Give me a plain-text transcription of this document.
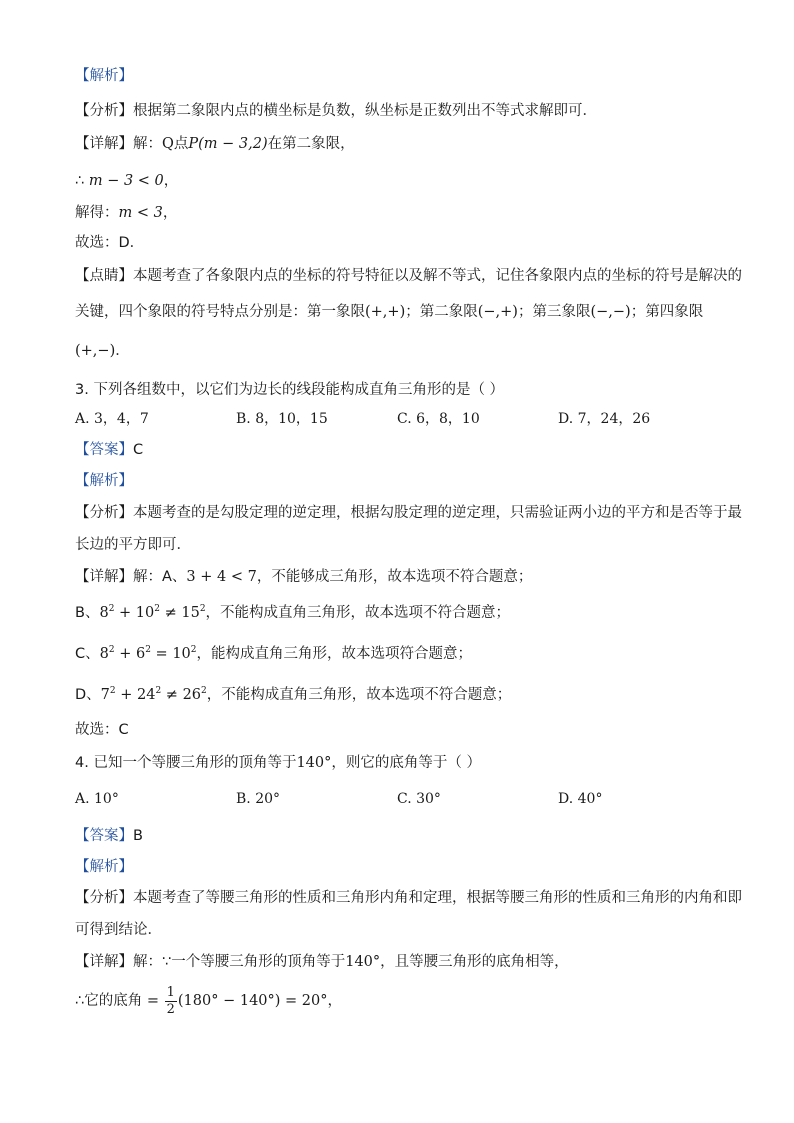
【解析】
【分析】根据第二象限内点的横坐标是负数，纵坐标是正数列出不等式求解即可．
【详解】解：Q点P(m − 3,2)在第二象限，
∴ m − 3 < 0，
解得：m < 3，
故选：D．
【点睛】本题考查了各象限内点的坐标的符号特征以及解不等式，记住各象限内点的坐标的符号是解决的
关键，四个象限的符号特点分别是：第一象限(+,+)；第二象限(−,+)；第三象限(−,−)；第四象限
(+,−)．
3. 下列各组数中，以它们为边长的线段能构成直角三角形的是（ ）
A. 3，4，7	B. 8，10，15	C. 6，8，10	D. 7，24，26
【答案】C
【解析】
【分析】本题考查的是勾股定理的逆定理，根据勾股定理的逆定理，只需验证两小边的平方和是否等于最
长边的平方即可．
【详解】解：A、3 + 4 < 7，不能够成三角形，故本选项不符合题意；
B、$8^2 + 10^2 \ne 15^2$，不能构成直角三角形，故本选项不符合题意；
C、$8^2 + 6^2 = 10^2$，能构成直角三角形，故本选项符合题意；
D、$7^2 + 24^2 \ne 26^2$，不能构成直角三角形，故本选项不符合题意；
故选：C
4. 已知一个等腰三角形的顶角等于140°，则它的底角等于（ ）
A. 10°	B. 20°	C. 30°	D. 40°
【答案】B
【解析】
【分析】本题考查了等腰三角形的性质和三角形内角和定理，根据等腰三角形的性质和三角形的内角和即
可得到结论．
【详解】解：∵一个等腰三角形的顶角等于140°，且等腰三角形的底角相等，
∴它的底角 = $\frac{1}{2} (180^\circ - 140^\circ) = 20^\circ$，
